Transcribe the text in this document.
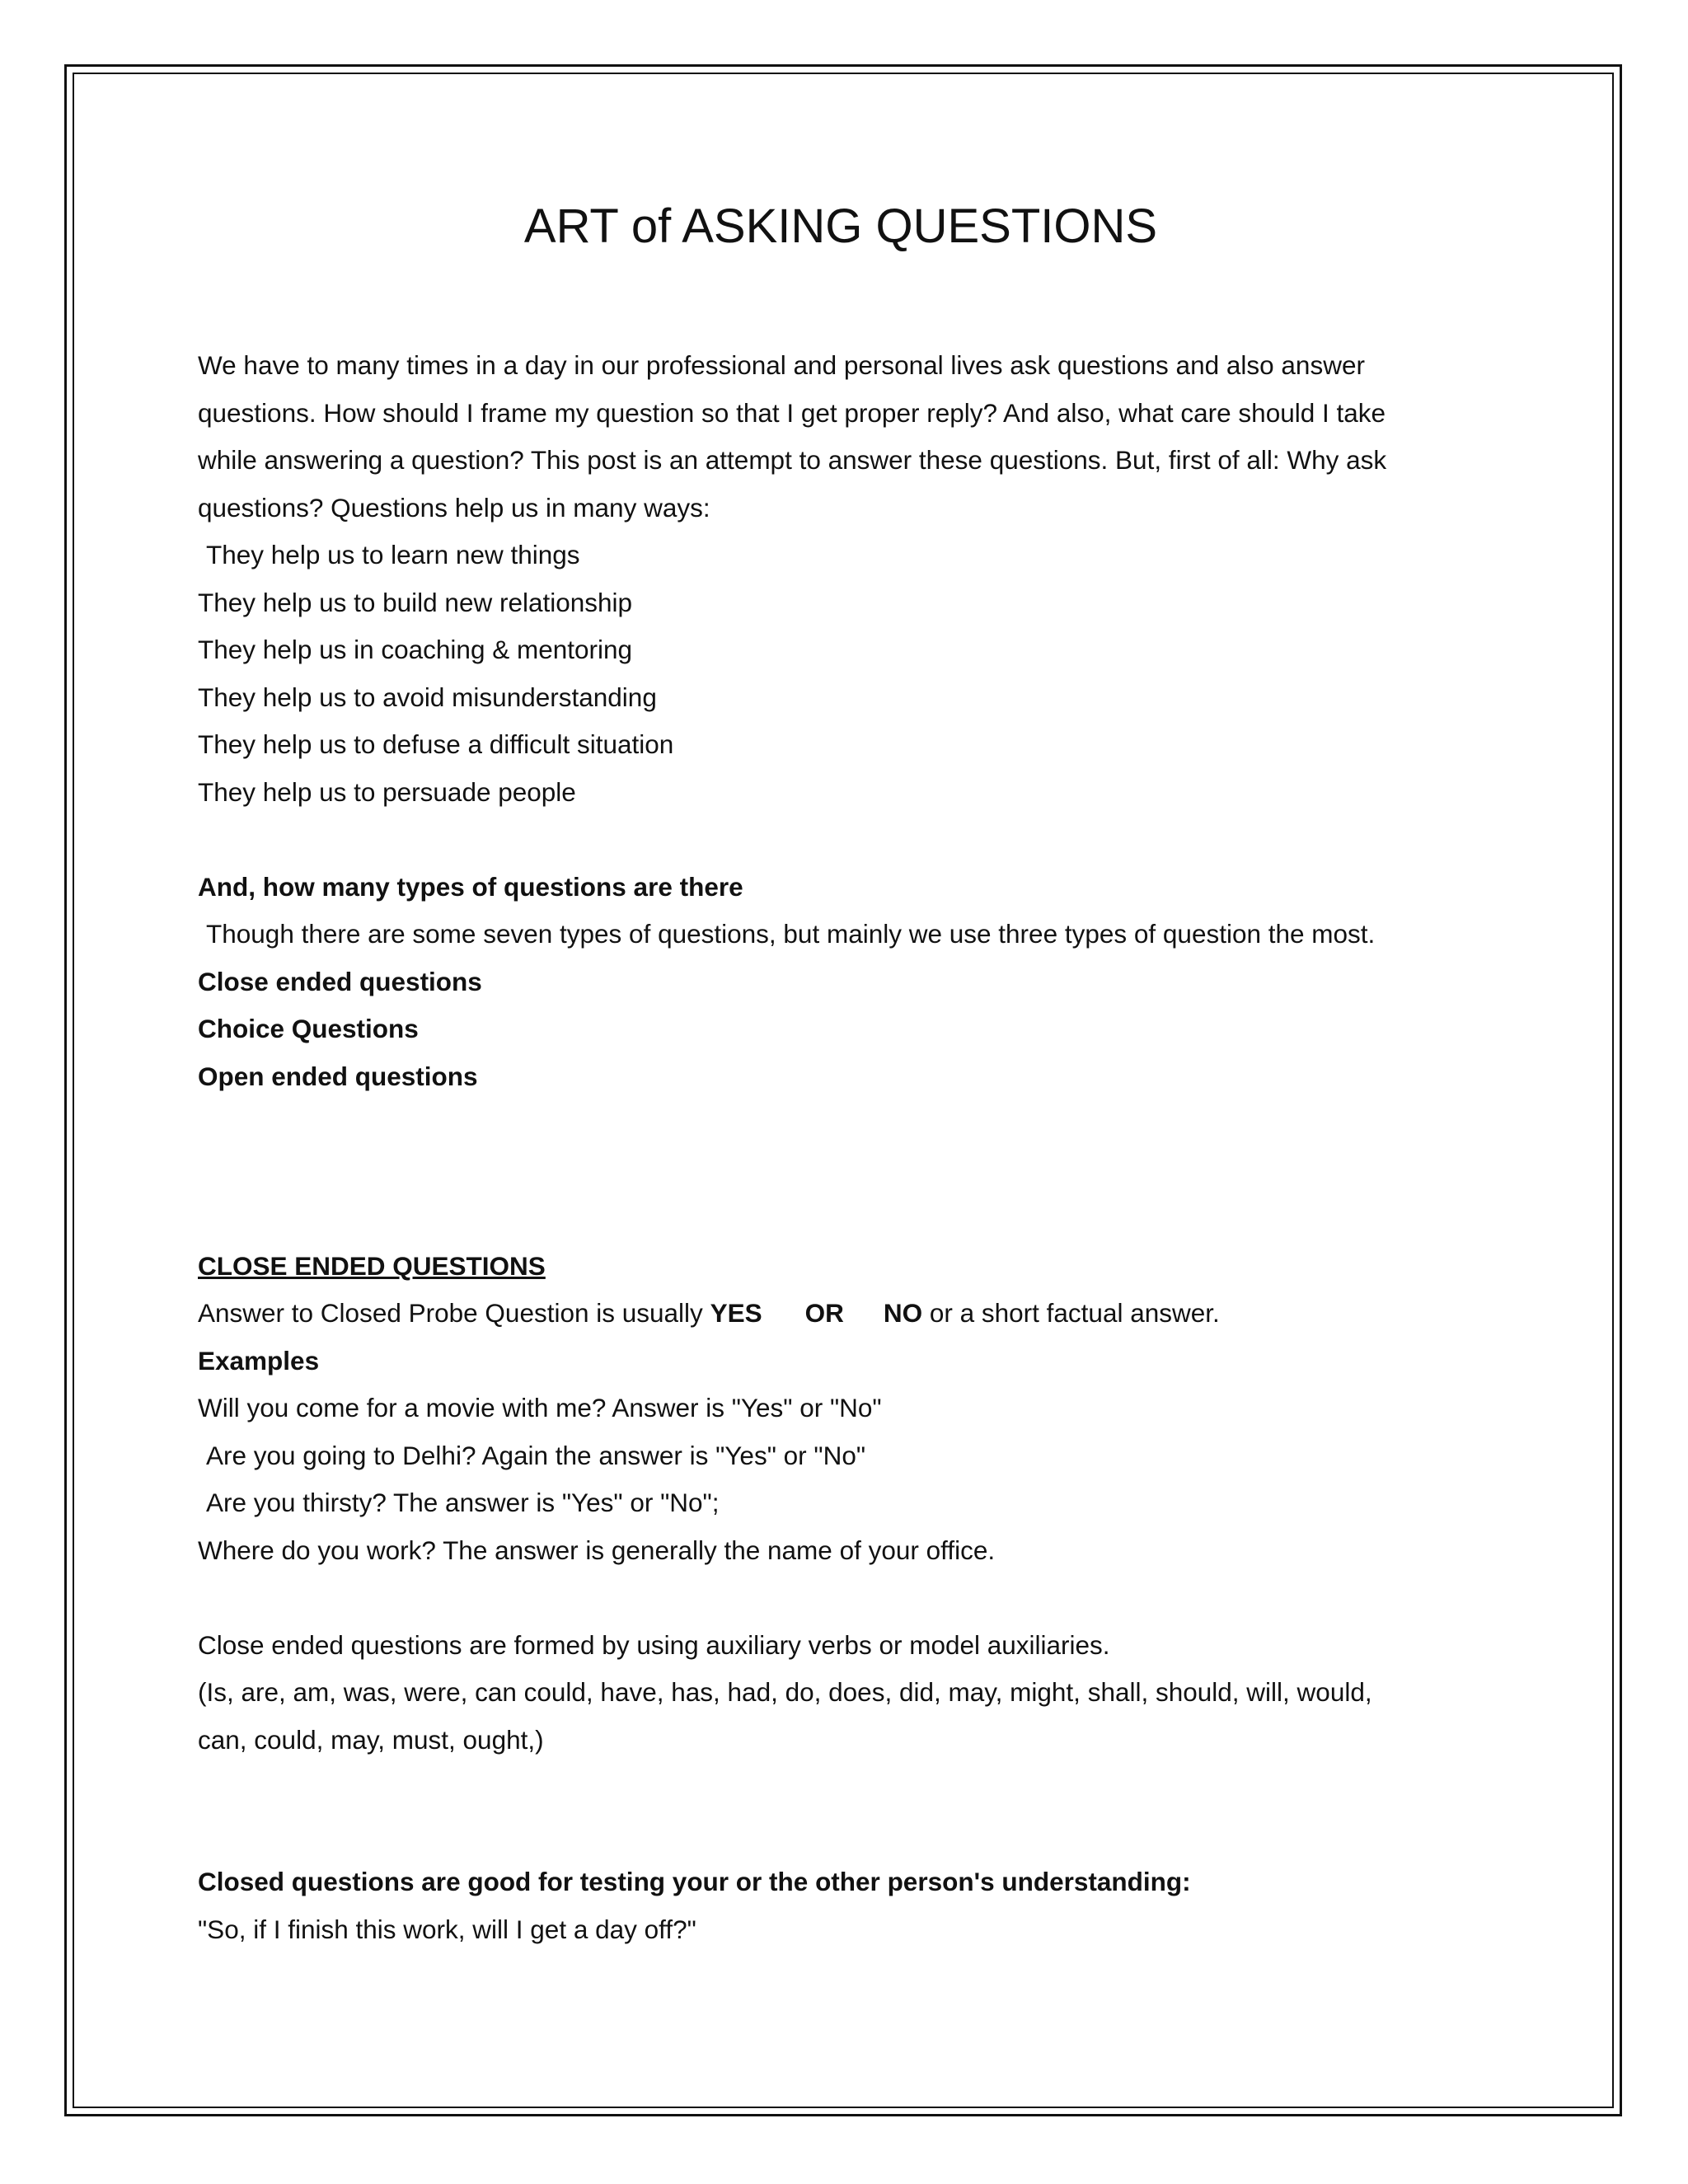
ART of ASKING QUESTIONS
We have to many times in a day in our professional and personal lives ask questions and also answer
questions. How should I frame my question so that I get proper reply? And also, what care should I take
while answering a question? This post is an attempt to answer these questions. But, first of all: Why ask
questions? Questions help us in many ways:
They help us to learn new things
They help us to build new relationship
They help us in coaching & mentoring
They help us to avoid misunderstanding
They help us to defuse a difficult situation
They help us to persuade people
And, how many types of questions are there
Though there are some seven types of questions, but mainly we use three types of question the most.
Close ended questions
Choice Questions
Open ended questions
CLOSE ENDED QUESTIONS
Answer to Closed Probe Question is usually YES OR NO or a short factual answer.
Examples
Will you come for a movie with me? Answer is "Yes" or "No"
Are you going to Delhi? Again the answer is "Yes" or "No"
Are you thirsty? The answer is "Yes" or "No";
Where do you work? The answer is generally the name of your office.
Close ended questions are formed by using auxiliary verbs or model auxiliaries.
(Is, are, am, was, were, can could, have, has, had, do, does, did, may, might, shall, should, will, would,
can, could, may, must, ought,)
Closed questions are good for testing your or the other person's understanding:
"So, if I finish this work, will I get a day off?"
